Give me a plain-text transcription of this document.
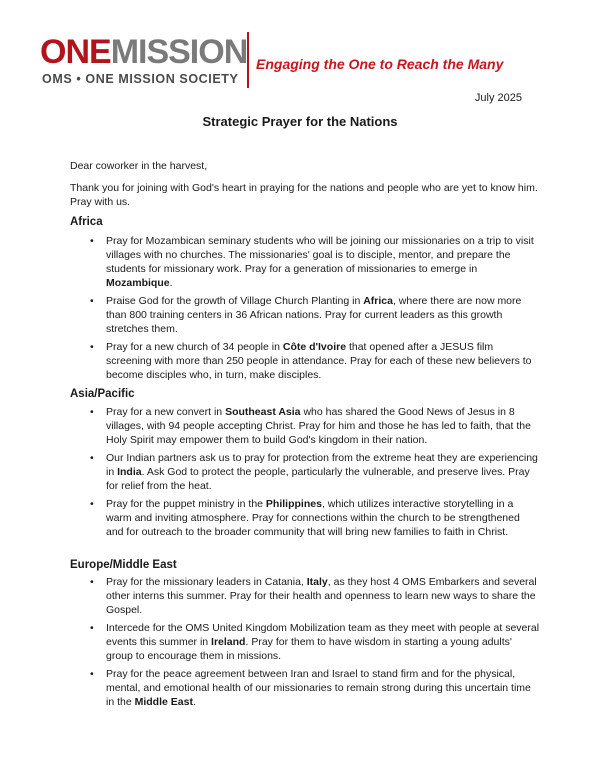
ONEMISSION
OMS • ONE MISSION SOCIETY
Engaging the One to Reach the Many
July 2025
Strategic Prayer for the Nations
Dear coworker in the harvest,
Thank you for joining with God's heart in praying for the nations and people who are yet to know him. Pray with us.
Africa
• Pray for Mozambican seminary students who will be joining our missionaries on a trip to visit villages with no churches. The missionaries' goal is to disciple, mentor, and prepare the students for missionary work. Pray for a generation of missionaries to emerge in Mozambique.
• Praise God for the growth of Village Church Planting in Africa, where there are now more than 800 training centers in 36 African nations. Pray for current leaders as this growth stretches them.
• Pray for a new church of 34 people in Côte d'Ivoire that opened after a JESUS film screening with more than 250 people in attendance. Pray for each of these new believers to become disciples who, in turn, make disciples.
Asia/Pacific
• Pray for a new convert in Southeast Asia who has shared the Good News of Jesus in 8 villages, with 94 people accepting Christ. Pray for him and those he has led to faith, that the Holy Spirit may empower them to build God's kingdom in their nation.
• Our Indian partners ask us to pray for protection from the extreme heat they are experiencing in India. Ask God to protect the people, particularly the vulnerable, and preserve lives. Pray for relief from the heat.
• Pray for the puppet ministry in the Philippines, which utilizes interactive storytelling in a warm and inviting atmosphere. Pray for connections within the church to be strengthened and for outreach to the broader community that will bring new families to faith in Christ.
Europe/Middle East
• Pray for the missionary leaders in Catania, Italy, as they host 4 OMS Embarkers and several other interns this summer. Pray for their health and openness to learn new ways to share the Gospel.
• Intercede for the OMS United Kingdom Mobilization team as they meet with people at several events this summer in Ireland. Pray for them to have wisdom in starting a young adults' group to encourage them in missions.
• Pray for the peace agreement between Iran and Israel to stand firm and for the physical, mental, and emotional health of our missionaries to remain strong during this uncertain time in the Middle East.
